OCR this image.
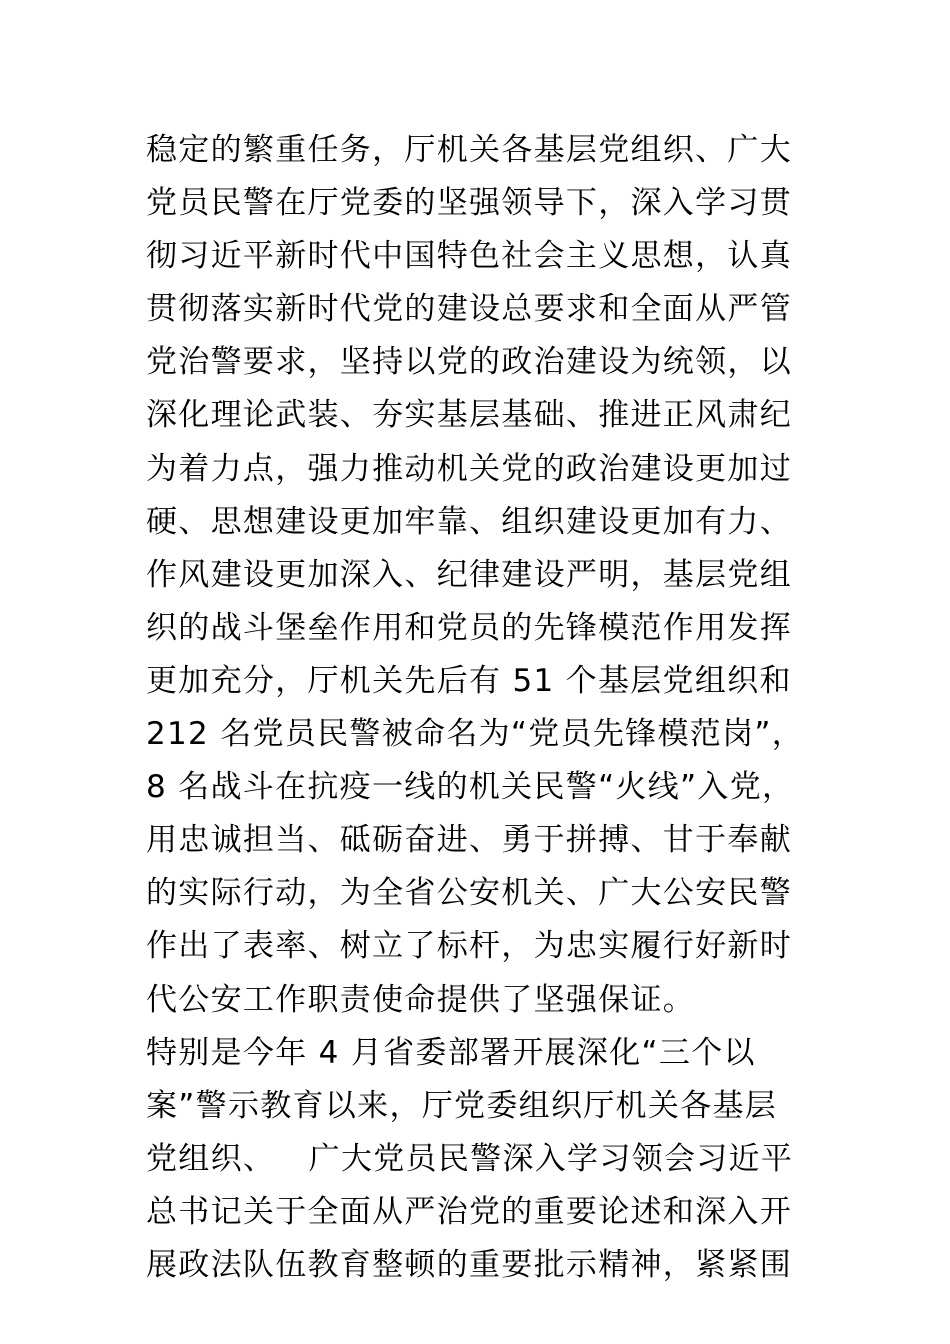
稳定的繁重任务，厅机关各基层党组织、广大
党员民警在厅党委的坚强领导下，深入学习贯
彻习近平新时代中国特色社会主义思想，认真
贯彻落实新时代党的建设总要求和全面从严管
党治警要求，坚持以党的政治建设为统领，以
深化理论武装、夯实基层基础、推进正风肃纪
为着力点，强力推动机关党的政治建设更加过
硬、思想建设更加牢靠、组织建设更加有力、
作风建设更加深入、纪律建设严明，基层党组
织的战斗堡垒作用和党员的先锋模范作用发挥
更加充分，厅机关先后有 51 个基层党组织和
212 名党员民警被命名为“党员先锋模范岗”，
8 名战斗在抗疫一线的机关民警“火线”入党，
用忠诚担当、砥砺奋进、勇于拼搏、甘于奉献
的实际行动，为全省公安机关、广大公安民警
作出了表率、树立了标杆，为忠实履行好新时
代公安工作职责使命提供了坚强保证。
特别是今年 4 月省委部署开展深化“三个以
案”警示教育以来，厅党委组织厅机关各基层
党组织、   广大党员民警深入学习领会习近平
总书记关于全面从严治党的重要论述和深入开
展政法队伍教育整顿的重要批示精神，紧紧围
